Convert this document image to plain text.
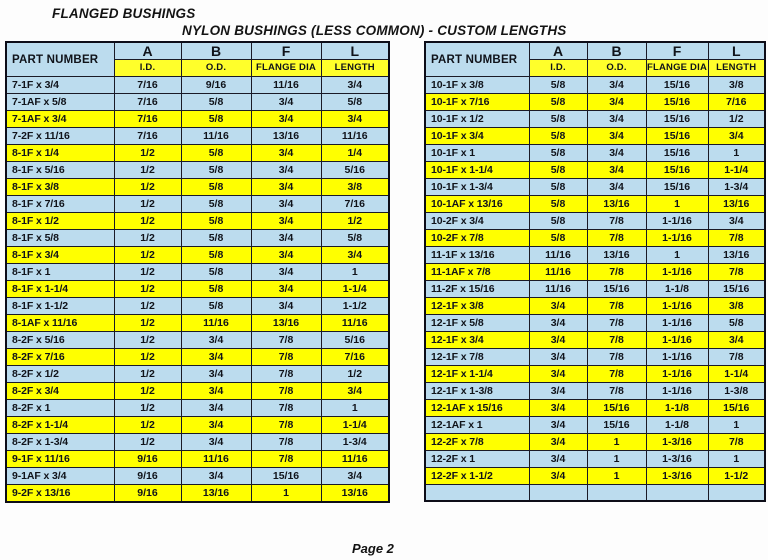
FLANGED BUSHINGS
NYLON BUSHINGS (LESS COMMON) - CUSTOM LENGTHS
PART NUMBER	A	B	F	L
	I.D.	O.D.	FLANGE DIA	LENGTH
7-1F x 3/4	7/16	9/16	11/16	3/4
7-1AF x 5/8	7/16	5/8	3/4	5/8
7-1AF x 3/4	7/16	5/8	3/4	3/4
7-2F x 11/16	7/16	11/16	13/16	11/16
8-1F x 1/4	1/2	5/8	3/4	1/4
8-1F x 5/16	1/2	5/8	3/4	5/16
8-1F x 3/8	1/2	5/8	3/4	3/8
8-1F x 7/16	1/2	5/8	3/4	7/16
8-1F x 1/2	1/2	5/8	3/4	1/2
8-1F x 5/8	1/2	5/8	3/4	5/8
8-1F x 3/4	1/2	5/8	3/4	3/4
8-1F x 1	1/2	5/8	3/4	1
8-1F x 1-1/4	1/2	5/8	3/4	1-1/4
8-1F x 1-1/2	1/2	5/8	3/4	1-1/2
8-1AF x 11/16	1/2	11/16	13/16	11/16
8-2F x 5/16	1/2	3/4	7/8	5/16
8-2F x 7/16	1/2	3/4	7/8	7/16
8-2F x 1/2	1/2	3/4	7/8	1/2
8-2F x 3/4	1/2	3/4	7/8	3/4
8-2F x 1	1/2	3/4	7/8	1
8-2F x 1-1/4	1/2	3/4	7/8	1-1/4
8-2F x 1-3/4	1/2	3/4	7/8	1-3/4
9-1F x 11/16	9/16	11/16	7/8	11/16
9-1AF x 3/4	9/16	3/4	15/16	3/4
9-2F x 13/16	9/16	13/16	1	13/16
PART NUMBER	A	B	F	L
	I.D.	O.D.	FLANGE DIA	LENGTH
10-1F x 3/8	5/8	3/4	15/16	3/8
10-1F x 7/16	5/8	3/4	15/16	7/16
10-1F x 1/2	5/8	3/4	15/16	1/2
10-1F x 3/4	5/8	3/4	15/16	3/4
10-1F x 1	5/8	3/4	15/16	1
10-1F x 1-1/4	5/8	3/4	15/16	1-1/4
10-1F x 1-3/4	5/8	3/4	15/16	1-3/4
10-1AF x 13/16	5/8	13/16	1	13/16
10-2F x 3/4	5/8	7/8	1-1/16	3/4
10-2F x 7/8	5/8	7/8	1-1/16	7/8
11-1F x 13/16	11/16	13/16	1	13/16
11-1AF x 7/8	11/16	7/8	1-1/16	7/8
11-2F x 15/16	11/16	15/16	1-1/8	15/16
12-1F x 3/8	3/4	7/8	1-1/16	3/8
12-1F x 5/8	3/4	7/8	1-1/16	5/8
12-1F x 3/4	3/4	7/8	1-1/16	3/4
12-1F x 7/8	3/4	7/8	1-1/16	7/8
12-1F x 1-1/4	3/4	7/8	1-1/16	1-1/4
12-1F x 1-3/8	3/4	7/8	1-1/16	1-3/8
12-1AF x 15/16	3/4	15/16	1-1/8	15/16
12-1AF x 1	3/4	15/16	1-1/8	1
12-2F x 7/8	3/4	1	1-3/16	7/8
12-2F x 1	3/4	1	1-3/16	1
12-2F x 1-1/2	3/4	1	1-3/16	1-1/2

Page 2
